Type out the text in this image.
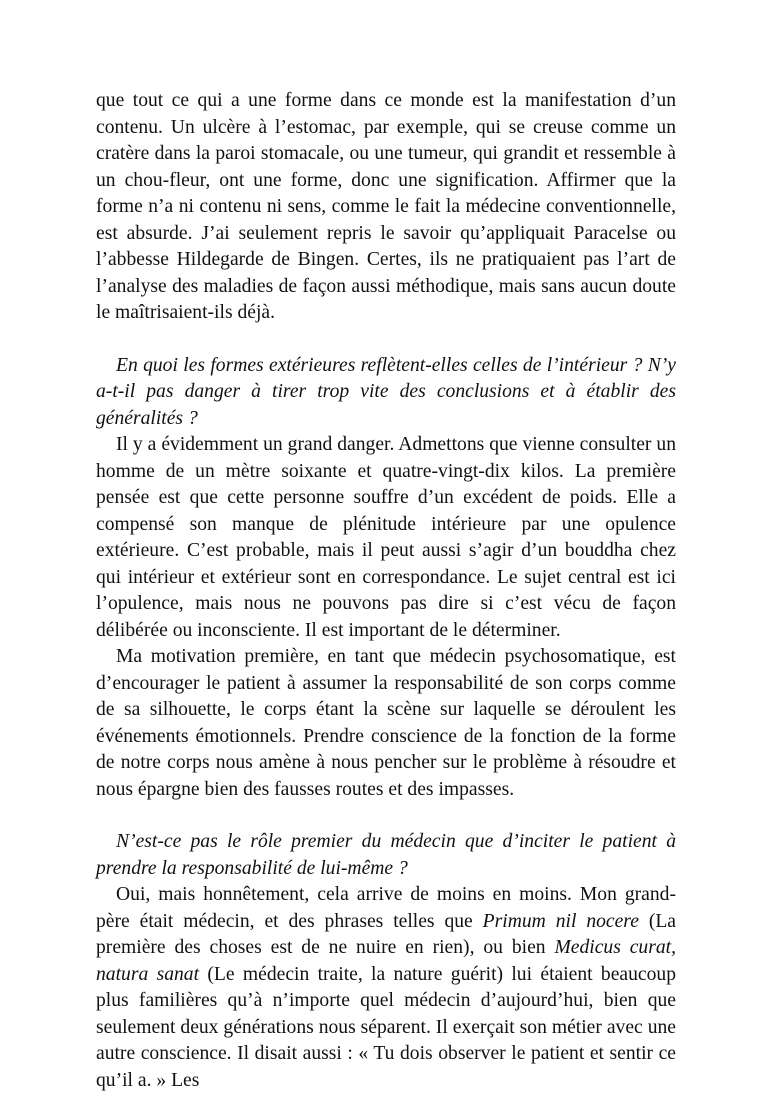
que tout ce qui a une forme dans ce monde est la manifestation d’un contenu. Un ulcère à l’estomac, par exemple, qui se creuse comme un cratère dans la paroi stomacale, ou une tumeur, qui grandit et ressemble à un chou-fleur, ont une forme, donc une signification. Affirmer que la forme n’a ni contenu ni sens, comme le fait la médecine conventionnelle, est absurde. J’ai seulement repris le savoir qu’appliquait Paracelse ou l’abbesse Hildegarde de Bingen. Certes, ils ne pratiquaient pas l’art de l’analyse des maladies de façon aussi méthodique, mais sans aucun doute le maîtrisaient-ils déjà.

En quoi les formes extérieures reflètent-elles celles de l’intérieur ? N’y a-t-il pas danger à tirer trop vite des conclusions et à établir des généralités ?

Il y a évidemment un grand danger. Admettons que vienne consulter un homme de un mètre soixante et quatre-vingt-dix kilos. La première pensée est que cette personne souffre d’un excédent de poids. Elle a compensé son manque de plénitude intérieure par une opulence extérieure. C’est probable, mais il peut aussi s’agir d’un bouddha chez qui intérieur et extérieur sont en correspondance. Le sujet central est ici l’opulence, mais nous ne pouvons pas dire si c’est vécu de façon délibérée ou inconsciente. Il est important de le déterminer.

Ma motivation première, en tant que médecin psychosomatique, est d’encourager le patient à assumer la responsabilité de son corps comme de sa silhouette, le corps étant la scène sur laquelle se déroulent les événements émotionnels. Prendre conscience de la fonction de la forme de notre corps nous amène à nous pencher sur le problème à résoudre et nous épargne bien des fausses routes et des impasses.

N’est-ce pas le rôle premier du médecin que d’inciter le patient à prendre la responsabilité de lui-même ?

Oui, mais honnêtement, cela arrive de moins en moins. Mon grand-père était médecin, et des phrases telles que Primum nil nocere (La première des choses est de ne nuire en rien), ou bien Medicus curat, natura sanat (Le médecin traite, la nature guérit) lui étaient beaucoup plus familières qu’à n’importe quel médecin d’aujourd’hui, bien que seulement deux générations nous séparent. Il exerçait son métier avec une autre conscience. Il disait aussi : « Tu dois observer le patient et sentir ce qu’il a. » Les
